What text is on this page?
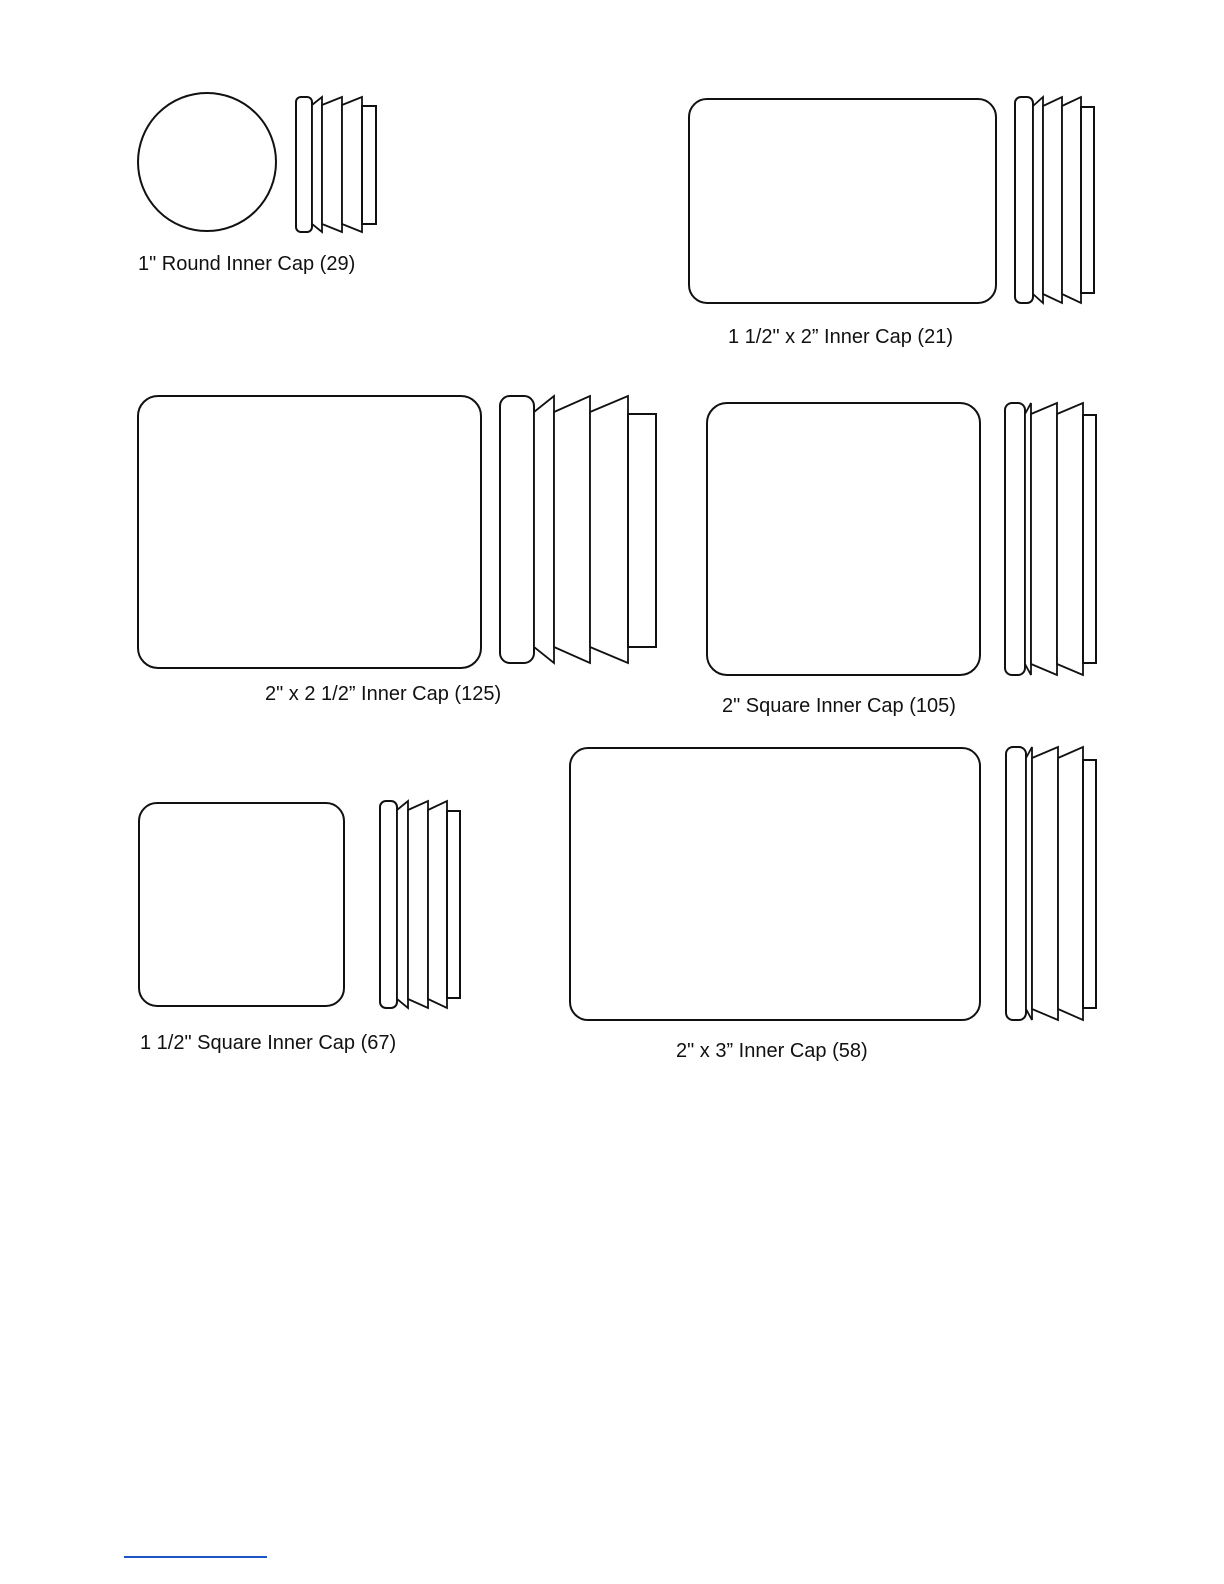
1" Round Inner Cap (29)
1 1/2" x 2” Inner Cap (21)
2" x 2 1/2” Inner Cap (125)
2" Square Inner Cap (105)
1 1/2" Square Inner Cap (67)	2" x 3” Inner Cap (58)
